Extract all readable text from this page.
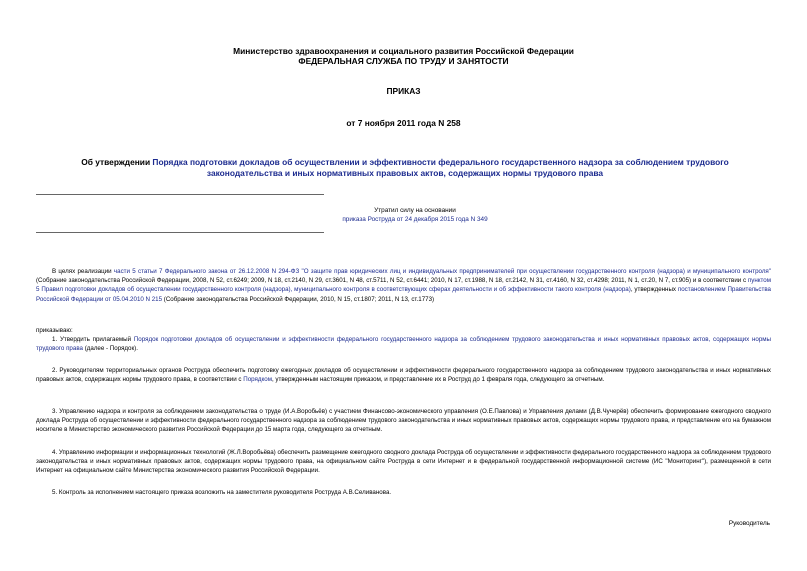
Министерство здравоохранения и социального развития Российской Федерации
ФЕДЕРАЛЬНАЯ СЛУЖБА ПО ТРУДУ И ЗАНЯТОСТИ
ПРИКАЗ
от 7 ноября 2011 года N 258
Об утверждении Порядка подготовки докладов об осуществлении и эффективности федерального государственного надзора за соблюдением трудового законодательства и иных нормативных правовых актов, содержащих нормы трудового права
Утратил силу на основании
приказа Роструда от 24 декабря 2015 года N 349
В целях реализации части 5 статьи 7 Федерального закона от 26.12.2008 N 294-ФЗ "О защите прав юридических лиц и индивидуальных предпринимателей при осуществлении государственного контроля (надзора) и муниципального контроля" (Собрание законодательства Российской Федерации, 2008, N 52, ст.6249; 2009, N 18, ст.2140, N 29, ст.3601, N 48, ст.5711, N 52, ст.6441; 2010, N 17, ст.1988, N 18, ст.2142, N 31, ст.4160, N 32, ст.4298; 2011, N 1, ст.20, N 7, ст.905) и в соответствии с пунктом 5 Правил подготовки докладов об осуществлении государственного контроля (надзора), муниципального контроля в соответствующих сферах деятельности и об эффективности такого контроля (надзора), утвержденных постановлением Правительства Российской Федерации от 05.04.2010 N 215 (Собрание законодательства Российской Федерации, 2010, N 15, ст.1807; 2011, N 13, ст.1773)
приказываю:
1. Утвердить прилагаемый Порядок подготовки докладов об осуществлении и эффективности федерального государственного надзора за соблюдением трудового законодательства и иных нормативных правовых актов, содержащих нормы трудового права (далее - Порядок).
2. Руководителям территориальных органов Роструда обеспечить подготовку ежегодных докладов об осуществлении и эффективности федерального государственного надзора за соблюдением трудового законодательства и иных нормативных правовых актов, содержащих нормы трудового права, в соответствии с Порядком, утвержденным настоящим приказом, и представление их в Роструд до 1 февраля года, следующего за отчетным.
3. Управлению надзора и контроля за соблюдением законодательства о труде (И.А.Воробьёв) с участием Финансово-экономического управления (О.Е.Павлова) и Управления делами (Д.В.Чучерёв) обеспечить формирование ежегодного сводного доклада Роструда об осуществлении и эффективности федерального государственного надзора за соблюдением трудового законодательства и иных нормативных правовых актов, содержащих нормы трудового права, и представление его на бумажном носителе в Министерство экономического развития Российской Федерации до 15 марта года, следующего за отчетным.
4. Управлению информации и информационных технологий (Ж.Л.Воробьёва) обеспечить размещение ежегодного сводного доклада Роструда об осуществлении и эффективности федерального государственного надзора за соблюдением трудового законодательства и иных нормативных правовых актов, содержащих нормы трудового права, на официальном сайте Роструда в сети Интернет и в федеральной государственной информационной системе (ИС "Мониторинг"), размещенной в сети Интернет на официальном сайте Министерства экономического развития Российской Федерации.
5. Контроль за исполнением настоящего приказа возложить на заместителя руководителя Роструда А.В.Селиванова.
Руководитель
